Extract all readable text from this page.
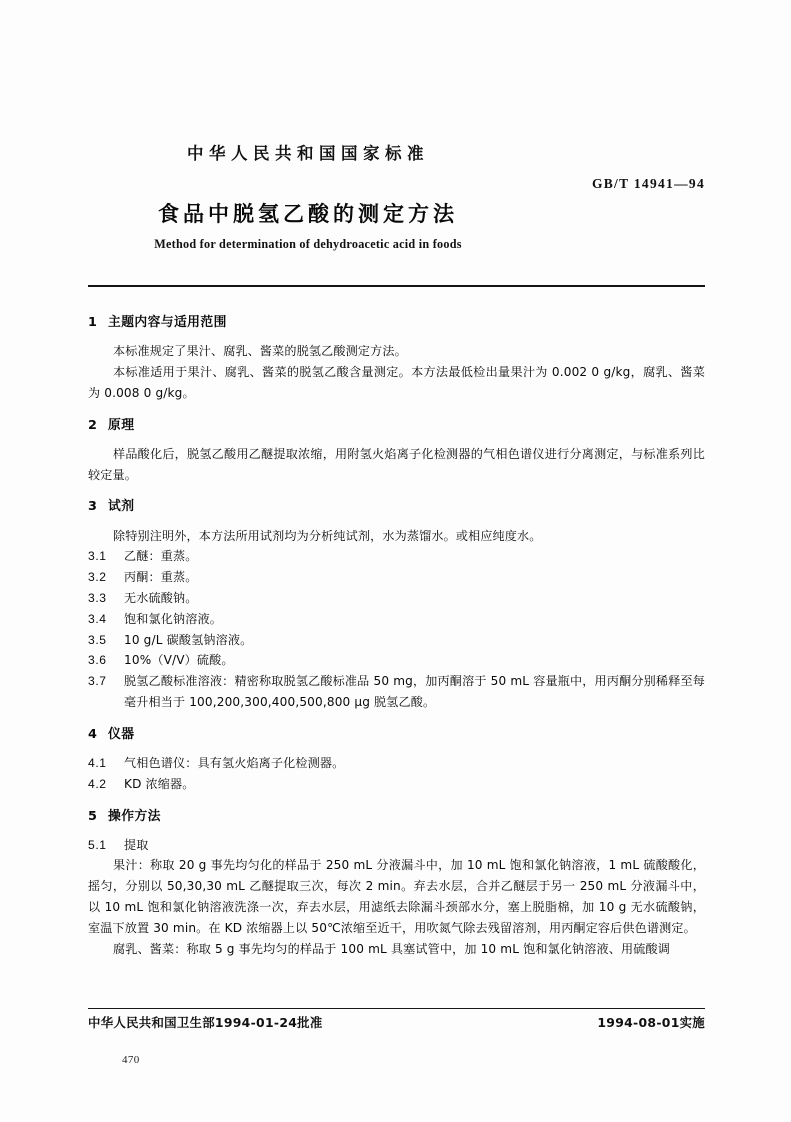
中华人民共和国国家标准
GB/T 14941—94
食品中脱氢乙酸的测定方法
Method for determination of dehydroacetic acid in foods
1 主题内容与适用范围

本标准规定了果汁、腐乳、酱菜的脱氢乙酸测定方法。

本标准适用于果汁、腐乳、酱菜的脱氢乙酸含量测定。本方法最低检出量果汁为 0.002 0 g/kg，腐乳、酱菜为 0.008 0 g/kg。

2 原理

样品酸化后，脱氢乙酸用乙醚提取浓缩，用附氢火焰离子化检测器的气相色谱仪进行分离测定，与标准系列比较定量。

3 试剂

除特别注明外，本方法所用试剂均为分析纯试剂，水为蒸馏水。或相应纯度水。

3.1	乙醚：重蒸。
3.2	丙酮：重蒸。
3.3	无水硫酸钠。
3.4	饱和氯化钠溶液。
3.5	10 g/L 碳酸氢钠溶液。
3.6	10%（V/V）硫酸。
3.7	脱氢乙酸标准溶液：精密称取脱氢乙酸标准品 50 mg，加丙酮溶于 50 mL 容量瓶中，用丙酮分别稀释至每毫升相当于 100,200,300,400,500,800 μg 脱氢乙酸。
4 仪器
4.1	气相色谱仪：具有氢火焰离子化检测器。
4.2	KD 浓缩器。
5 操作方法
5.1	提取

果汁：称取 20 g 事先均匀化的样品于 250 mL 分液漏斗中，加 10 mL 饱和氯化钠溶液，1 mL 硫酸酸化，摇匀，分别以 50,30,30 mL 乙醚提取三次，每次 2 min。弃去水层，合并乙醚层于另一 250 mL 分液漏斗中，以 10 mL 饱和氯化钠溶液洗涤一次，弃去水层，用滤纸去除漏斗颈部水分，塞上脱脂棉，加 10 g 无水硫酸钠，室温下放置 30 min。在 KD 浓缩器上以 50℃浓缩至近干，用吹氮气除去残留溶剂，用丙酮定容后供色谱测定。

腐乳、酱菜：称取 5 g 事先均匀的样品于 100 mL 具塞试管中，加 10 mL 饱和氯化钠溶液、用硫酸调

中华人民共和国卫生部1994-01-24批准	1994-08-01实施
470
